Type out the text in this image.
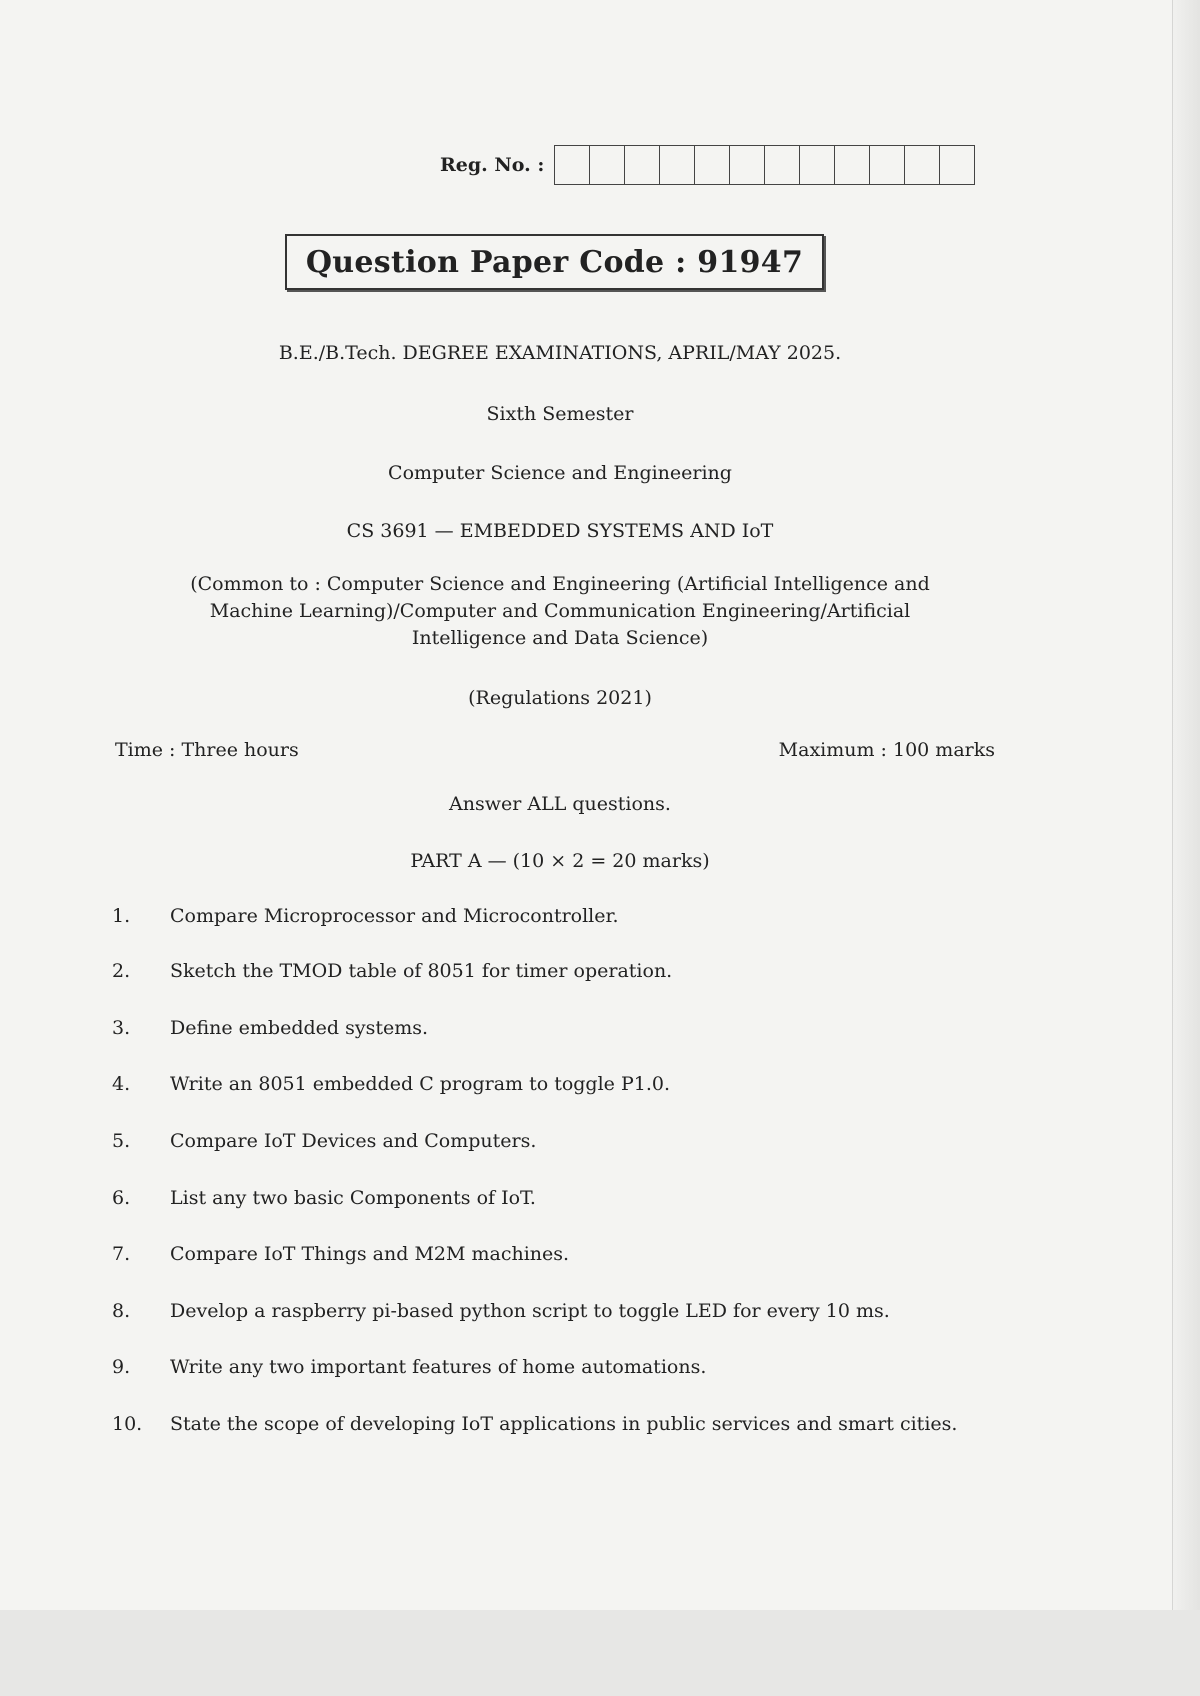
Reg. No. :
Question Paper Code : 91947
B.E./B.Tech. DEGREE EXAMINATIONS, APRIL/MAY 2025.
Sixth Semester
Computer Science and Engineering
CS 3691 — EMBEDDED SYSTEMS AND IoT
(Common to : Computer Science and Engineering (Artificial Intelligence and Machine Learning)/Computer and Communication Engineering/Artificial Intelligence and Data Science)
(Regulations 2021)
Time : Three hours	Maximum : 100 marks
Answer ALL questions.
PART A — (10 × 2 = 20 marks)
1.	Compare Microprocessor and Microcontroller.
2.	Sketch the TMOD table of 8051 for timer operation.
3.	Define embedded systems.
4.	Write an 8051 embedded C program to toggle P1.0.
5.	Compare IoT Devices and Computers.
6.	List any two basic Components of IoT.
7.	Compare IoT Things and M2M machines.
8.	Develop a raspberry pi-based python script to toggle LED for every 10 ms.
9.	Write any two important features of home automations.
10.	State the scope of developing IoT applications in public services and smart cities.
